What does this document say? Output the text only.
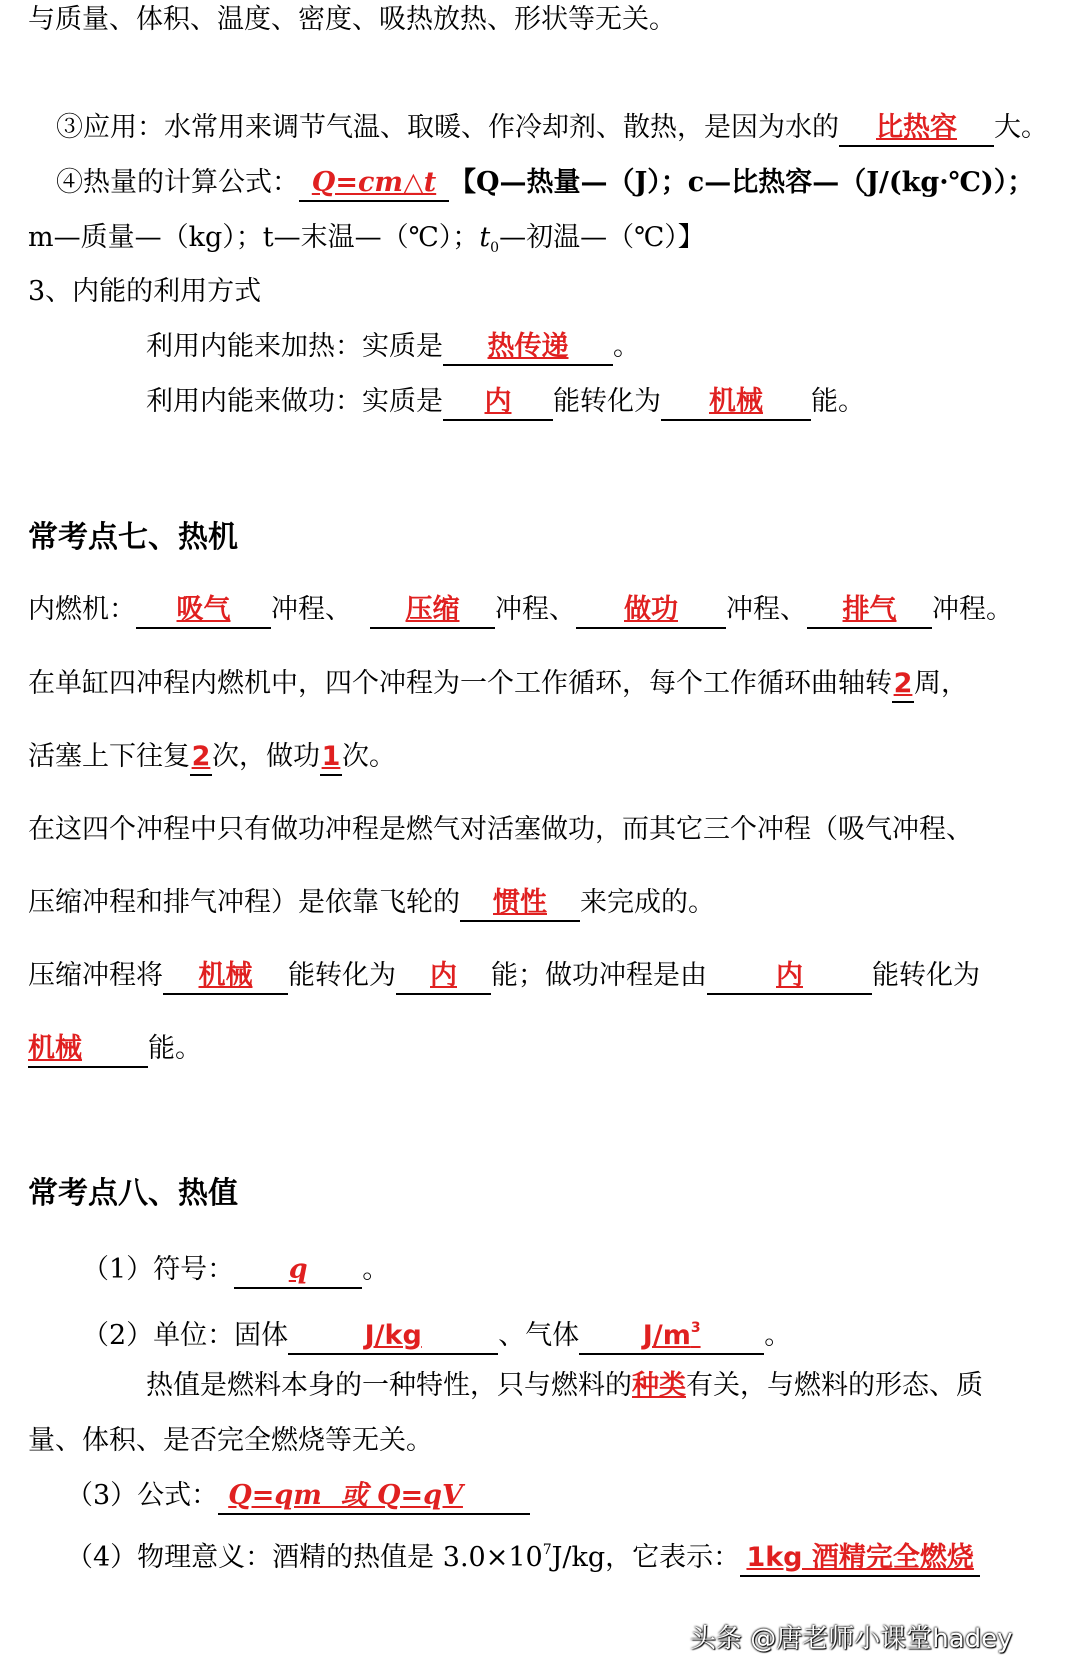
与质量、体积、温度、密度、吸热放热、形状等无关。
③应用：水常用来调节气温、取暖、作冷却剂、散热，是因为水的 比热容 大。
④热量的计算公式： Q=cm△t 【Q—热量—（J）；c—比热容—（J/(kg·℃)）；
m—质量—（kg）；t—末温—（℃）；$t_0—$初温—（℃）】
3、内能的利用方式
利用内能来加热：实质是 热传递 。
利用内能来做功：实质是 内 能转化为 机械 能。
常考点七、热机
内燃机： 吸气 冲程、 压缩 冲程、 做功 冲程、 排气 冲程。
在单缸四冲程内燃机中，四个冲程为一个工作循环，每个工作循环曲轴转2周，
活塞上下往复2次，做功1次。
在这四个冲程中只有做功冲程是燃气对活塞做功，而其它三个冲程（吸气冲程、
压缩冲程和排气冲程）是依靠飞轮的 惯性 来完成的。
压缩冲程将 机械 能转化为 内 能；做功冲程是由	内	能转化为
机械 能。
常考点八、热值
（1）符号： q 。
（2）单位：固体	J/kg	、气体 $J/m^3$ 。
热值是燃料本身的一种特性，只与燃料的种类有关，与燃料的形态、质
量、体积、是否完全燃烧等无关。
（3）公式： Q=qm  或 Q=qV
（4）物理意义：酒精的热值是 $3.0\times 10^7J/kg$，它表示： 1kg 酒精完全燃烧
头条 @唐老师小课堂hadey
